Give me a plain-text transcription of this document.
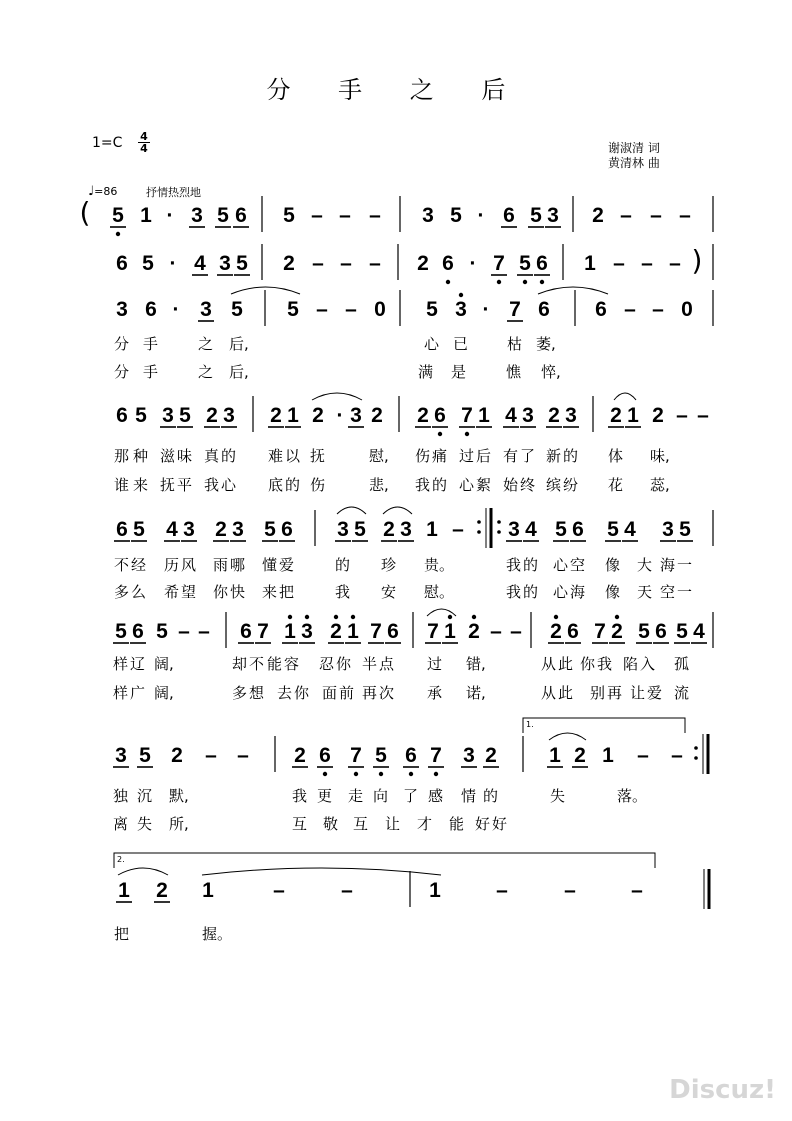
分 手 之 后
1=C 4
4	谢淑清 词
黄清林 曲
♩=86	抒情热烈地
( 5 1 · 3 5 6 5 – – – 3 5 · 6 5 3 2 – – –
6 5 · 4 3 5 2 – – – 2 6 · 7 5 6 1 – – – )
3 6 · 3 5 5 – – 0 5 3 · 7 6 6 – – 0
分 手	之 后,	心 已	枯 萎,
分 手	之 后,	满 是	憔 悴,
6 5 3 5 2 3 2 1 2 · 3 2 2 6 7 1 4 3 2 3 2 1 2 – –
那 种 滋 味 真 的 难 以 抚	慰, 伤 痛 过 后 有 了 新 的 体 味,
谁 来 抚 平 我 心 底 的 伤	悲, 我 的 心 絮 始 终 缤 纷 花 蕊,
6 5 4 3 2 3 5 6 3 5 2 3 1 – 3 4 5 6 5 4 3 5
不 经 历 风 雨 哪 懂 爱	的 珍 贵。	我 的 心 空 像 大 海 一
多 么 希 望 你 快 来 把	我 安 慰。	我 的 心 海 像 天 空 一
5 6 5 – – 6 7 1 3 2 1 7 6 7 1 2 – – 2 6 7 2 5 6 5 4
样 辽 阔,	却 不 能 容 忍 你 半 点 过 错,	从 此 你 我 陷 入 孤
样 广 阔,	多 想 去 你 面 前 再 次 承 诺,	从 此 别 再 让 爱 流
3 5 2 – – 2 6 7 5 6 7 3 2 1 2 1 – –
独 沉 默,	我 更 走 向 了 感 情 的	失	落。
离 失 所,	互 敬 互 让 才 能 好 好
1 2 1	–	–	1	–	–	–
把	握。
1.
2.
Discuz!
